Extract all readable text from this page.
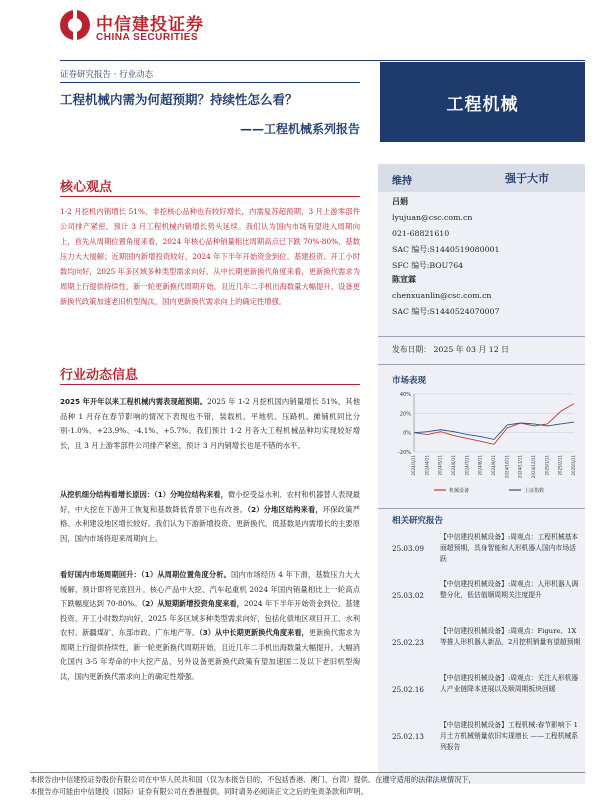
中信建投证券
CHINA SECURITIES
证券研究报告 · 行业动态
工程机械内需为何超预期？持续性怎么看？
——工程机械系列报告
工程机械
核心观点
1-2 月挖机内销增长 51%，非挖核心品种也有较好增长，内需复苏超预期，3 月上游零部件公司排产紧密，预计 3 月工程机械内销增长势头延续。我们认为国内市场有望进入周期向上，首先从周期位置角度来看，2024 年核心品种销量相比周期高点已下跌 70%-80%，基数压力大大缓解；近期国内新增投资较好，2024 年下半年开始资金到位、基建投资、开工小时数均向好，2025 年多区域多种类型需求向好。从中长期更新换代角度来看，更新换代需求为周期上行提供持续性，新一轮更新换代周期开始，且近几年二手机出海数量大幅提升、设备更新换代政策加速老旧机型淘汰，国内更新换代需求向上的确定性增强。
行业动态信息
2025 年开年以来工程机械内需表现超预期。2025 年 1-2 月挖机国内销量增长 51%，其他品种 1 月存在春节影响的情况下表现也不错，装载机、平地机、压路机、摊铺机同比分别-1.0%、+23.9%、-4.1%、+5.7%。我们预计 1-2 月各大工程机械品种均实现较好增长，且 3 月上游零部件公司排产紧密，预计 3 月内销增长也是不错的水平。
从挖机细分结构看增长原因：（1）分吨位结构来看，微小挖受益水利、农村和机器替人表现最好，中大挖在下游开工恢复和基数降低背景下也有改善。（2）分地区结构来看，环保政策严格、水利建设地区增长较好。我们认为下游新增投资、更新换代、低基数是内需增长的主要原因，国内市场将迎来周期向上。
看好国内市场周期回升：（1）从周期位置角度分析。国内市场经历 4 年下滑，基数压力大大缓解，预计即将见底回升。核心产品中大挖、汽车起重机 2024 年国内销量相比上一轮高点下跌幅度达到 70-80%。（2）从短期新增投资角度来看，2024 年下半年开始资金到位、基建投资、开工小时数均向好，2025 年多区域多种类型需求向好，包括化债地区项目开工、水利农村、新疆煤矿、东部市政、广东地产等。（3）从中长期更新换代角度来看，更新换代需求为周期上行提供持续性，新一轮更新换代周期开始，且近几年二手机出海数量大幅提升，大幅消化国内 3-5 年寿命的中大挖产品，另外设备更新换代政策有望加速国二及以下老旧机型淘汰，国内更新换代需求向上的确定性增强。
维持	强于大市
吕娟
lyujuan@csc.com.cn
021-68821610
SAC 编号:S1440519080001
SFC 编号:BOU764
陈宣霖
chenxuanlin@csc.com.cn
SAC 编号:S1440524070007
发布日期： 2025 年 03 月 12 日
市场表现
40%
20%
0%
-20%
2024/3/11 2024/4/11 2024/5/11 2024/6/11 2024/7/11 2024/8/11 2024/9/11 2024/10/11 2024/11/11 2024/12/11 2025/1/11 2025/2/11 2025/3/11
机械设备	上证指数
相关研究报告
25.03.09
【中信建投机械设备】:周观点：工程机械基本面超预期，具身智能和人形机器人国内市场活跃
25.03.02
【中信建投机械设备】:周观点：人形机器人调整分化，低估值顺周期关注度提升
25.02.23
【中信建投机械设备】:周观点：Figure、1X 等推人形机器人新品，2月挖机销量有望超预期
25.02.16
【中信建投机械设备】:周观点：关注人形机器人产业链降本进展以及顺周期板块回暖
25.02.13
【中信建投机械设备】工程机械:春节影响下 1 月土方机械销量依旧实现增长 ——工程机械系列报告
本报告由中信建投证券股份有限公司在中华人民共和国（仅为本报告目的，不包括香港、澳门、台湾）提供。在遵守适用的法律法规情况下，
本报告亦可能由中信建投（国际）证券有限公司在香港提供。同时请务必阅读正文之后的免责条款和声明。
